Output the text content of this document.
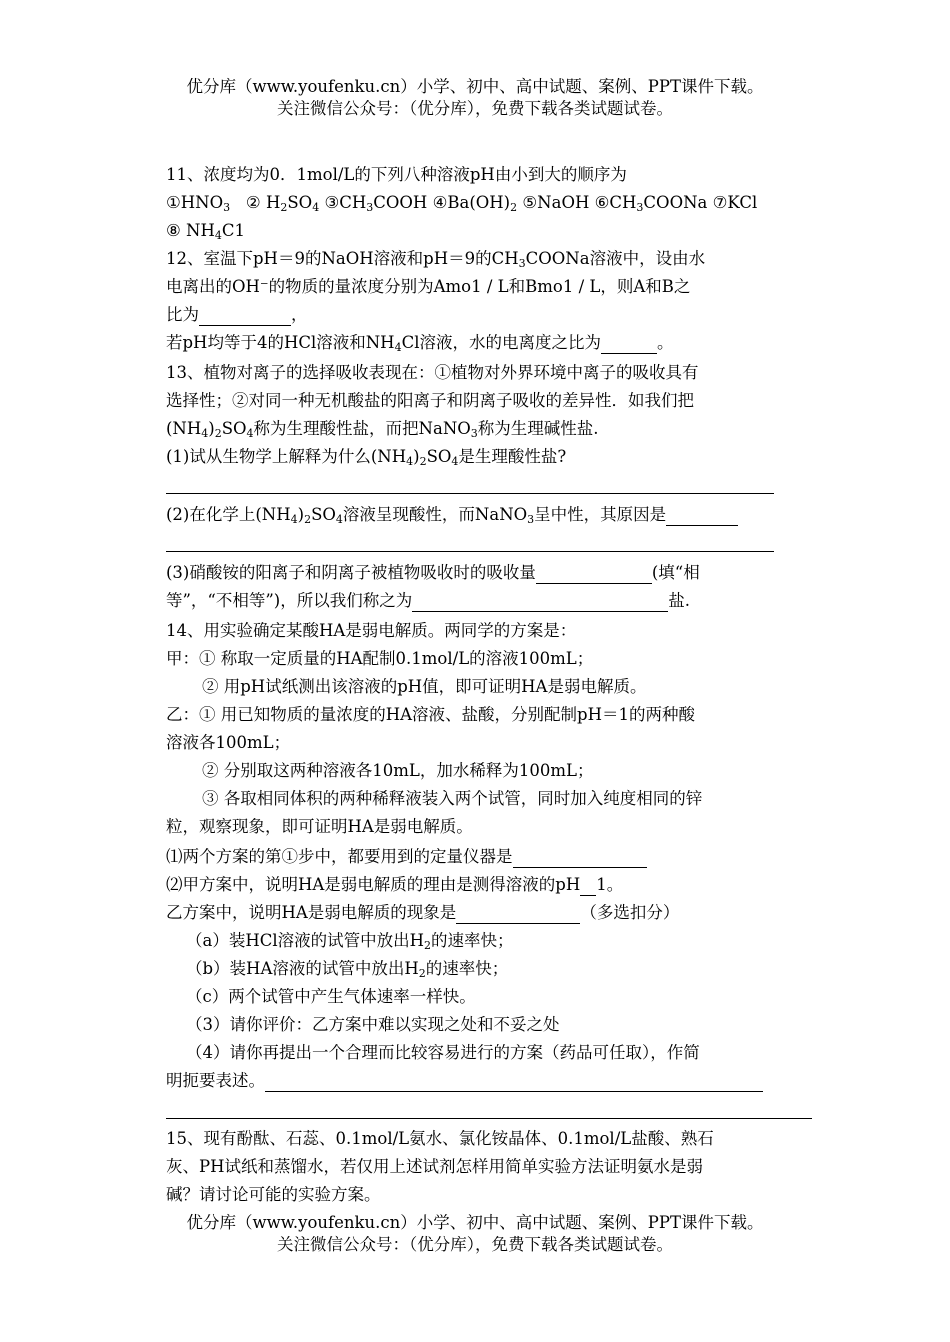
优分库（www.youfenku.cn）小学、初中、高中试题、案例、PPT课件下载。
关注微信公众号：（优分库），免费下载各类试题试卷。
11、浓度均为0．1mol/L的下列八种溶液pH由小到大的顺序为
$①HNO_3$ ② $H_2SO_4$ $③CH_3COOH$ $④Ba(OH)_2$ ⑤NaOH $⑥CH_3COONa$ ⑦KCl
⑧ $NH_4C1$
12、室温下pH＝9的NaOH溶液和pH＝9的$CH_3COONa$溶液中，设由水
电离出的OH⁻的物质的量浓度分别为Amo1 / L和Bmo1 / L，则A和B之
比为	，
若pH均等于4的HCl溶液和$NH_4Cl$溶液，水的电离度之比为	。
13、植物对离子的选择吸收表现在：①植物对外界环境中离子的吸收具有
选择性；②对同一种无机酸盐的阳离子和阴离子吸收的差异性．如我们把
$(NH_4)_2SO_4$称为生理酸性盐，而把NaNO$_3$称为生理碱性盐.
(1)试从生物学上解释为什么$(NH_4)_2SO_4$是生理酸性盐?
(2)在化学上$(NH_4)_2SO_4$溶液呈现酸性，而NaNO$_3$呈中性，其原因是
(3)硝酸铵的阳离子和阴离子被植物吸收时的吸收量	(填“相
等”，“不相等”)，所以我们称之为	盐.
14、用实验确定某酸HA是弱电解质。两同学的方案是：
甲：① 称取一定质量的HA配制0.1mol/L的溶液100mL；
② 用pH试纸测出该溶液的pH值，即可证明HA是弱电解质。
乙：① 用已知物质的量浓度的HA溶液、盐酸，分别配制pH＝1的两种酸
溶液各100mL；
② 分别取这两种溶液各10mL，加水稀释为100mL；
③ 各取相同体积的两种稀释液装入两个试管，同时加入纯度相同的锌
粒，观察现象，即可证明HA是弱电解质。
⑴两个方案的第①步中，都要用到的定量仪器是
⑵甲方案中，说明HA是弱电解质的理由是测得溶液的pH 1。
乙方案中，说明HA是弱电解质的现象是	（多选扣分）
（a）装HCl溶液的试管中放出$H_2$的速率快；
（b）装HA溶液的试管中放出$H_2$的速率快；
（c）两个试管中产生气体速率一样快。
（3）请你评价：乙方案中难以实现之处和不妥之处
（4）请你再提出一个合理而比较容易进行的方案（药品可任取），作简
明扼要表述。
15、现有酚酞、石蕊、0.1mol/L氨水、氯化铵晶体、0.1mol/L盐酸、熟石
灰、PH试纸和蒸馏水，若仅用上述试剂怎样用简单实验方法证明氨水是弱
碱？请讨论可能的实验方案。
优分库（www.youfenku.cn）小学、初中、高中试题、案例、PPT课件下载。
关注微信公众号：（优分库），免费下载各类试题试卷。
